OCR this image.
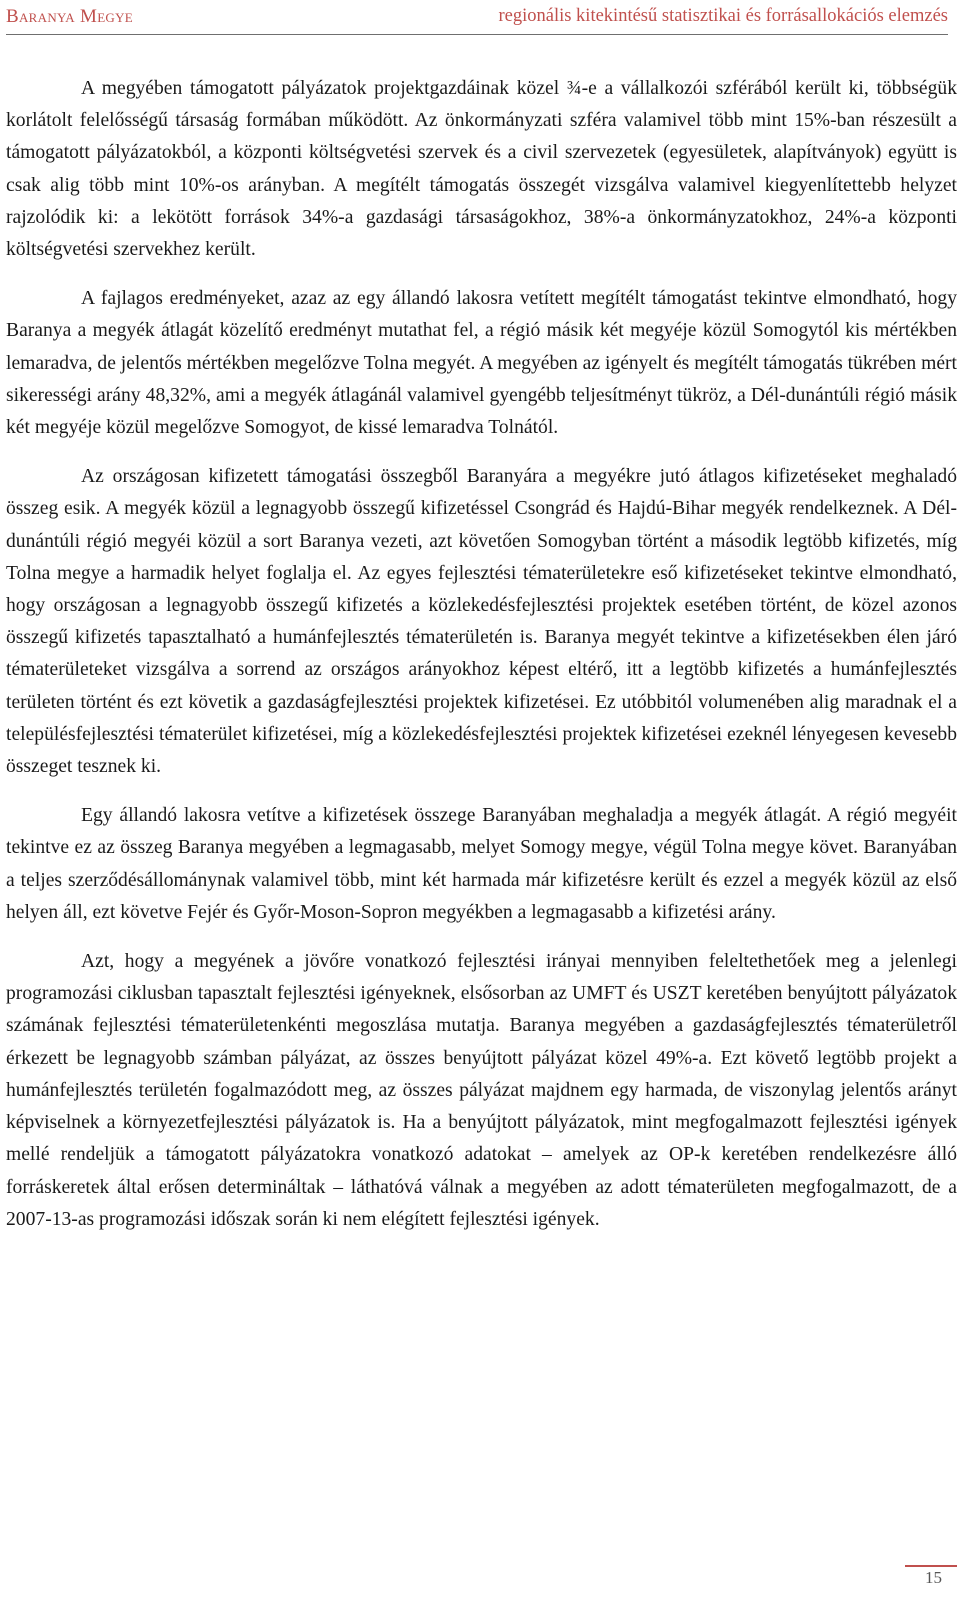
Baranya Megye	regionális kitekintésű statisztikai és forrásallokációs elemzés

A megyében támogatott pályázatok projektgazdáinak közel ¾-e a vállalkozói szférából került ki, többségük korlátolt felelősségű társaság formában működött. Az önkormányzati szféra valamivel több mint 15%-ban részesült a támogatott pályázatokból, a központi költségvetési szervek és a civil szervezetek (egyesületek, alapítványok) együtt is csak alig több mint 10%-os arányban. A megítélt támogatás összegét vizsgálva valamivel kiegyenlítettebb helyzet rajzolódik ki: a lekötött források 34%-a gazdasági társaságokhoz, 38%-a önkormányzatokhoz, 24%-a központi költségvetési szervekhez került.

A fajlagos eredményeket, azaz az egy állandó lakosra vetített megítélt támogatást tekintve elmondható, hogy Baranya a megyék átlagát közelítő eredményt mutathat fel, a régió másik két megyéje közül Somogytól kis mértékben lemaradva, de jelentős mértékben megelőzve Tolna megyét. A megyében az igényelt és megítélt támogatás tükrében mért sikerességi arány 48,32%, ami a megyék átlagánál valamivel gyengébb teljesítményt tükröz, a Dél-dunántúli régió másik két megyéje közül megelőzve Somogyot, de kissé lemaradva Tolnától.

Az országosan kifizetett támogatási összegből Baranyára a megyékre jutó átlagos kifizetéseket meghaladó összeg esik. A megyék közül a legnagyobb összegű kifizetéssel Csongrád és Hajdú-Bihar megyék rendelkeznek. A Dél-dunántúli régió megyéi közül a sort Baranya vezeti, azt követően Somogyban történt a második legtöbb kifizetés, míg Tolna megye a harmadik helyet foglalja el. Az egyes fejlesztési tématerületekre eső kifizetéseket tekintve elmondható, hogy országosan a legnagyobb összegű kifizetés a közlekedésfejlesztési projektek esetében történt, de közel azonos összegű kifizetés tapasztalható a humánfejlesztés tématerületén is. Baranya megyét tekintve a kifizetésekben élen járó tématerületeket vizsgálva a sorrend az országos arányokhoz képest eltérő, itt a legtöbb kifizetés a humánfejlesztés területen történt és ezt követik a gazdaságfejlesztési projektek kifizetései. Ez utóbbitól volumenében alig maradnak el a településfejlesztési tématerület kifizetései, míg a közlekedésfejlesztési projektek kifizetései ezeknél lényegesen kevesebb összeget tesznek ki.

Egy állandó lakosra vetítve a kifizetések összege Baranyában meghaladja a megyék átlagát. A régió megyéit tekintve ez az összeg Baranya megyében a legmagasabb, melyet Somogy megye, végül Tolna megye követ. Baranyában a teljes szerződésállománynak valamivel több, mint két harmada már kifizetésre került és ezzel a megyék közül az első helyen áll, ezt követve Fejér és Győr-Moson-Sopron megyékben a legmagasabb a kifizetési arány.

Azt, hogy a megyének a jövőre vonatkozó fejlesztési irányai mennyiben feleltethetőek meg a jelenlegi programozási ciklusban tapasztalt fejlesztési igényeknek, elsősorban az UMFT és USZT keretében benyújtott pályázatok számának fejlesztési tématerületenkénti megoszlása mutatja. Baranya megyében a gazdaságfejlesztés tématerületről érkezett be legnagyobb számban pályázat, az összes benyújtott pályázat közel 49%-a. Ezt követő legtöbb projekt a humánfejlesztés területén fogalmazódott meg, az összes pályázat majdnem egy harmada, de viszonylag jelentős arányt képviselnek a környezetfejlesztési pályázatok is. Ha a benyújtott pályázatok, mint megfogalmazott fejlesztési igények mellé rendeljük a támogatott pályázatokra vonatkozó adatokat – amelyek az OP-k keretében rendelkezésre álló forráskeretek által erősen determináltak – láthatóvá válnak a megyében az adott tématerületen megfogalmazott, de a 2007-13-as programozási időszak során ki nem elégített fejlesztési igények.

15
